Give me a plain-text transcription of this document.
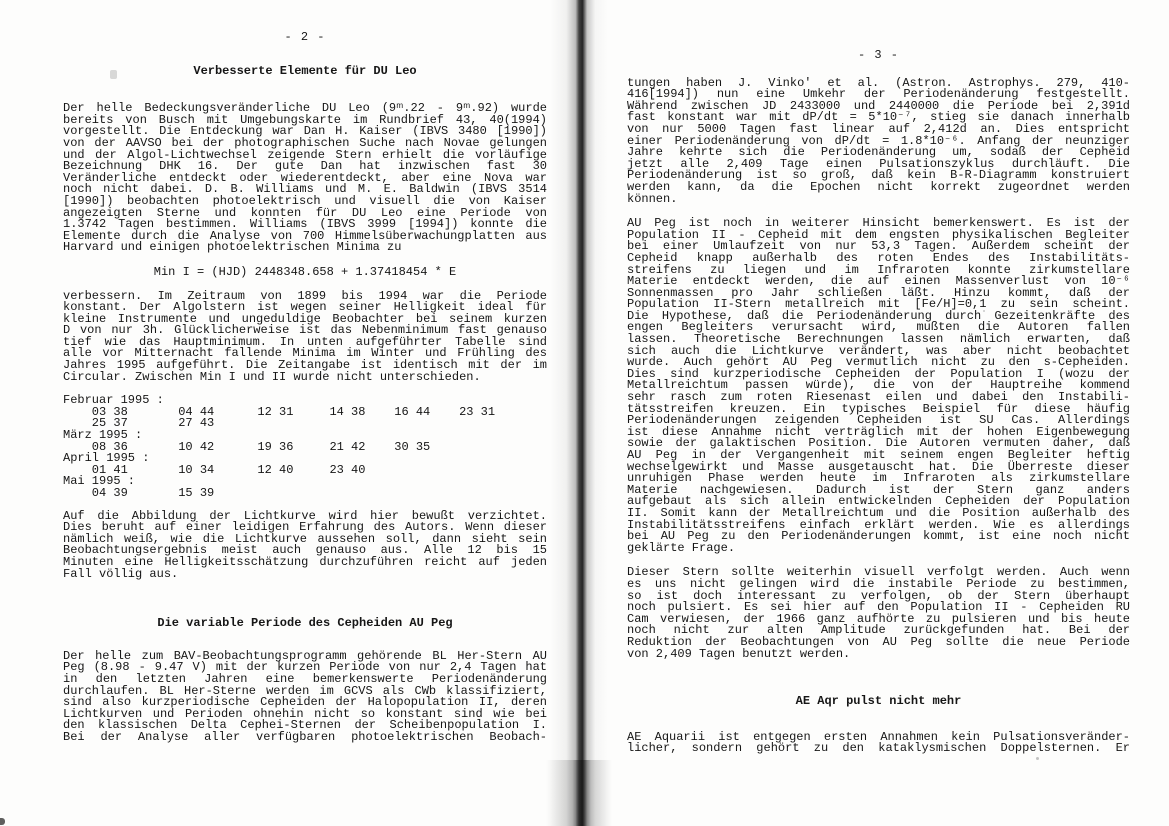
- 2 -
Verbesserte Elemente für DU Leo
Der helle Bedeckungsveränderliche DU Leo (9ᵐ.22 - 9ᵐ.92) wurde
bereits von Busch mit Umgebungskarte im Rundbrief 43, 40(1994)
vorgestellt. Die Entdeckung war Dan H. Kaiser (IBVS 3480 [1990])
von der AAVSO bei der photographischen Suche nach Novae gelungen
und der Algol-Lichtwechsel zeigende Stern erhielt die vorläufige
Bezeichnung DHK 16. Der gute Dan hat inzwischen fast 30
Veränderliche entdeckt oder wiederentdeckt, aber eine Nova war
noch nicht dabei. D. B. Williams und M. E. Baldwin (IBVS 3514
[1990]) beobachten photoelektrisch und visuell die von Kaiser
angezeigten Sterne und konnten für DU Leo eine Periode von
1.3742 Tagen bestimmen. Williams (IBVS 3999 [1994]) konnte die
Elemente durch die Analyse von 700 Himmelsüberwachungplatten aus
Harvard und einigen photoelektrischen Minima zu
Min I = (HJD) 2448348.658 + 1.37418454 * E
verbessern. Im Zeitraum von 1899 bis 1994 war die Periode
konstant. Der Algolstern ist wegen seiner Helligkeit ideal für
kleine Instrumente und ungeduldige Beobachter bei seinem kurzen
D von nur 3h. Glücklicherweise ist das Nebenminimum fast genauso
tief wie das Hauptminimum. In unten aufgeführter Tabelle sind
alle vor Mitternacht fallende Minima im Winter und Frühling des
Jahres 1995 aufgeführt. Die Zeitangabe ist identisch mit der im
Circular. Zwischen Min I und II wurde nicht unterschieden.
Februar 1995 :
03 38       04 44      12 31     14 38    16 44    23 31
25 37       27 43
März 1995 :
08 36       10 42      19 36     21 42    30 35
April 1995 :
01 41       10 34      12 40     23 40
Mai 1995 :
04 39       15 39
Auf die Abbildung der Lichtkurve wird hier bewußt verzichtet.
Dies beruht auf einer leidigen Erfahrung des Autors. Wenn dieser
nämlich weiß, wie die Lichtkurve aussehen soll, dann sieht sein
Beobachtungsergebnis meist auch genauso aus. Alle 12 bis 15
Minuten eine Helligkeitsschätzung durchzuführen reicht auf jeden
Fall völlig aus.
Die variable Periode des Cepheiden AU Peg
Der helle zum BAV-Beobachtungsprogramm gehörende BL Her-Stern AU
Peg (8.98 - 9.47 V) mit der kurzen Periode von nur 2,4 Tagen hat
in den letzten Jahren eine bemerkenswerte Periodenänderung
durchlaufen. BL Her-Sterne werden im GCVS als CWb klassifiziert,
sind also kurzperiodische Cepheiden der Halopopulation II, deren
Lichtkurven und Perioden ohnehin nicht so konstant sind wie bei
den klassischen Delta Cephei-Sternen der Scheibenpopulation I.
Bei der Analyse aller verfügbaren photoelektrischen Beobach-
- 3 -
tungen haben J. Vinko' et al. (Astron. Astrophys. 279, 410-
416[1994]) nun eine Umkehr der Periodenänderung festgestellt.
Während zwischen JD 2433000 und 2440000 die Periode bei 2,391d
fast konstant war mit dP/dt = 5*10⁻⁷, stieg sie danach innerhalb
von nur 5000 Tagen fast linear auf 2,412d an. Dies entspricht
einer Periodenänderung von dP/dt = 1.8*10⁻⁶. Anfang der neunziger
Jahre kehrte sich die Periodenänderung um, sodaß der Cepheid
jetzt alle 2,409 Tage einen Pulsationszyklus durchläuft. Die
Periodenänderung ist so groß, daß kein B-R-Diagramm konstruiert
werden kann, da die Epochen nicht korrekt zugeordnet werden
können.
AU Peg ist noch in weiterer Hinsicht bemerkenswert. Es ist der
Population II - Cepheid mit dem engsten physikalischen Begleiter
bei einer Umlaufzeit von nur 53,3 Tagen. Außerdem scheint der
Cepheid knapp außerhalb des roten Endes des Instabilitäts-
streifens zu liegen und im Infraroten konnte zirkumstellare
Materie entdeckt werden, die auf einen Massenverlust von 10⁻⁶
Sonnenmassen pro Jahr schließen läßt. Hinzu kommt, daß der
Population II-Stern metallreich mit [Fe/H]=0,1 zu sein scheint.
Die Hypothese, daß die Periodenänderung durch Gezeitenkräfte des
engen Begleiters verursacht wird, mußten die Autoren fallen
lassen. Theoretische Berechnungen lassen nämlich erwarten, daß
sich auch die Lichtkurve verändert, was aber nicht beobachtet
wurde. Auch gehört AU Peg vermutlich nicht zu den s-Cepheiden.
Dies sind kurzperiodische Cepheiden der Population I (wozu der
Metallreichtum passen würde), die von der Hauptreihe kommend
sehr rasch zum roten Riesenast eilen und dabei den Instabili-
tätsstreifen kreuzen. Ein typisches Beispiel für diese häufig
Periodenänderungen zeigenden Cepheiden ist SU Cas. Allerdings
ist diese Annahme nicht verträglich mit der hohen Eigenbewegung
sowie der galaktischen Position. Die Autoren vermuten daher, daß
AU Peg in der Vergangenheit mit seinem engen Begleiter heftig
wechselgewirkt und Masse ausgetauscht hat. Die Überreste dieser
unruhigen Phase werden heute im Infraroten als zirkumstellare
Materie nachgewiesen. Dadurch ist der Stern ganz anders
aufgebaut als sich allein entwickelnden Cepheiden der Population
II. Somit kann der Metallreichtum und die Position außerhalb des
Instabilitätsstreifens einfach erklärt werden. Wie es allerdings
bei AU Peg zu den Periodenänderungen kommt, ist eine noch nicht
geklärte Frage.
Dieser Stern sollte weiterhin visuell verfolgt werden. Auch wenn
es uns nicht gelingen wird die instabile Periode zu bestimmen,
so ist doch interessant zu verfolgen, ob der Stern überhaupt
noch pulsiert. Es sei hier auf den Population II - Cepheiden RU
Cam verwiesen, der 1966 ganz aufhörte zu pulsieren und bis heute
noch nicht zur alten Amplitude zurückgefunden hat. Bei der
Reduktion der Beobachtungen von AU Peg sollte die neue Periode
von 2,409 Tagen benutzt werden.
AE Aqr pulst nicht mehr
AE Aquarii ist entgegen ersten Annahmen kein Pulsationsveränder-
licher, sondern gehört zu den kataklysmischen Doppelsternen. Er
